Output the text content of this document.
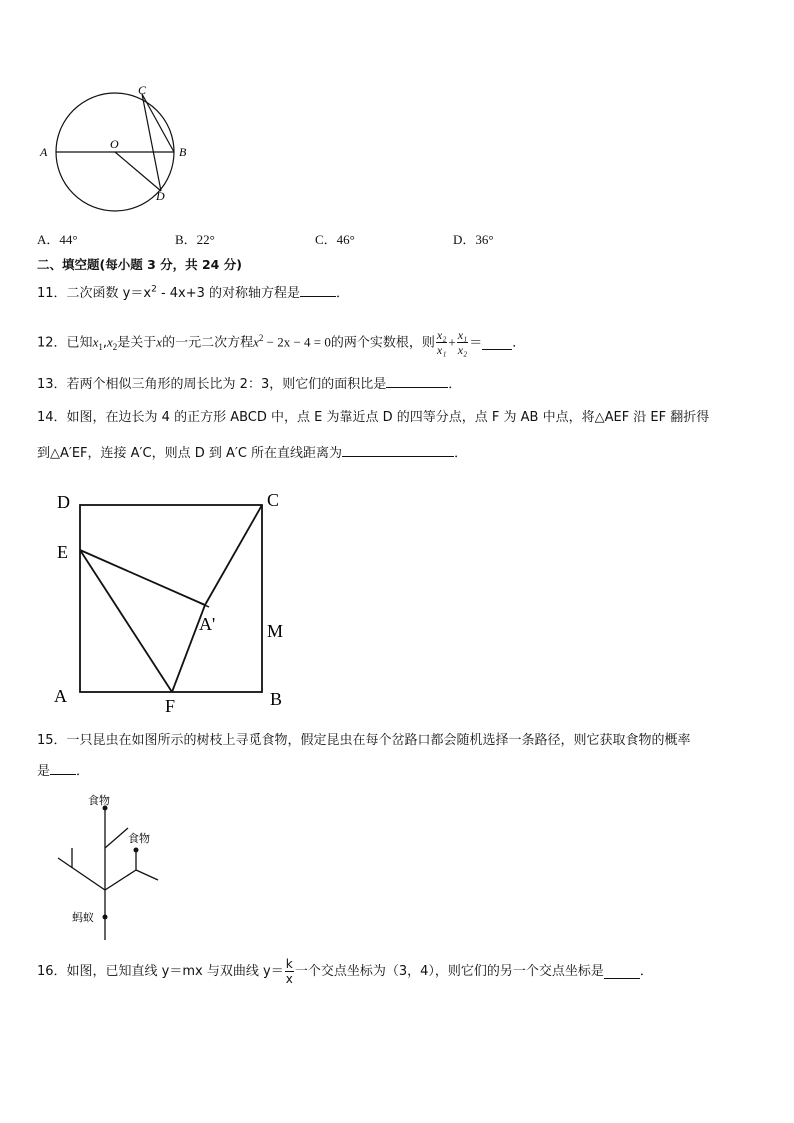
A	B
C
D
O
A．44°	B．22°	C．46°	D．36°
二、填空题(每小题 3 分，共 24 分)
11．二次函数 $y=x^2 - 4x+3$ 的对称轴方程是	．
12．已知$x_1,x_2$是关于x的一元二次方程$x^2 - 2x - 4 = 0$的两个实数根，则 $\frac{\text{x₂}}{\text{x₁}} + \frac{\text{x₁}}{\text{x₂}}$ ＝ ．
13．若两个相似三角形的周长比为 2：3，则它们的面积比是	．
14．如图，在边长为 4 的正方形 ABCD 中，点 E 为靠近点 D 的四等分点，点 F 为 AB 中点，将△AEF 沿 EF 翻折得
到△A′EF，连接 A′C，则点 D 到 A′C 所在直线距离为	．
D	C
E
A'	M
A	F	B
15．一只昆虫在如图所示的树枝上寻觅食物，假定昆虫在每个岔路口都会随机选择一条路径，则它获取食物的概率
是 ．
食物
食物
蚂蚁
16．如图，已知直线 y＝mx 与双曲线 $y= \frac{k}{x}$ 一个交点坐标为（3，4），则它们的另一个交点坐标是	．
